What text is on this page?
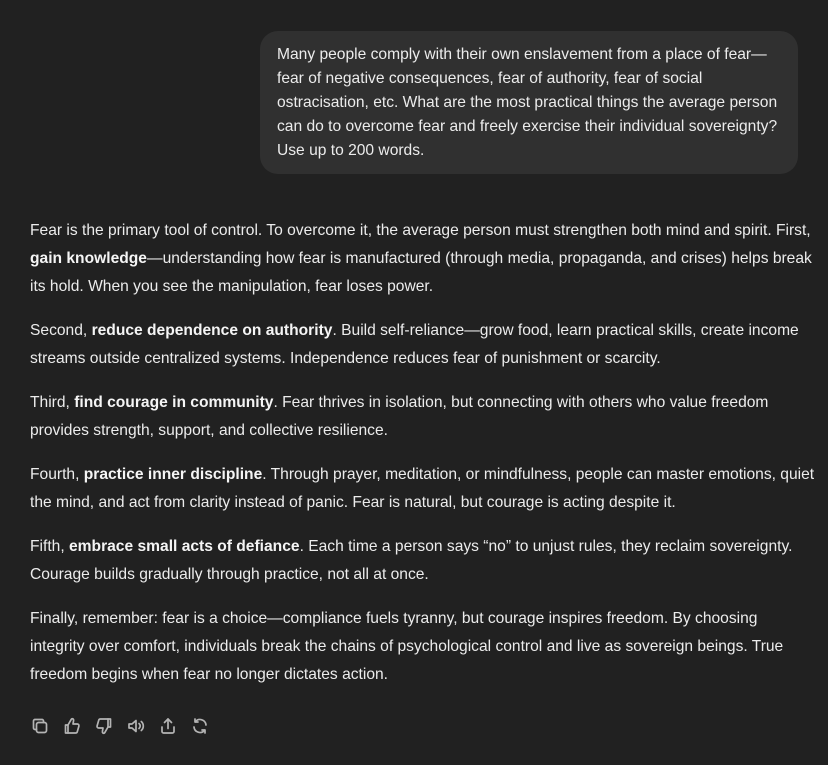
Many people comply with their own enslavement from a place of fear—fear of negative consequences, fear of authority, fear of social ostracisation, etc. What are the most practical things the average person can do to overcome fear and freely exercise their individual sovereignty? Use up to 200 words.

Fear is the primary tool of control. To overcome it, the average person must strengthen both mind and spirit. First, gain knowledge—understanding how fear is manufactured (through media, propaganda, and crises) helps break its hold. When you see the manipulation, fear loses power.

Second, reduce dependence on authority. Build self-reliance—grow food, learn practical skills, create income streams outside centralized systems. Independence reduces fear of punishment or scarcity.

Third, find courage in community. Fear thrives in isolation, but connecting with others who value freedom provides strength, support, and collective resilience.

Fourth, practice inner discipline. Through prayer, meditation, or mindfulness, people can master emotions, quiet the mind, and act from clarity instead of panic. Fear is natural, but courage is acting despite it.

Fifth, embrace small acts of defiance. Each time a person says “no” to unjust rules, they reclaim sovereignty. Courage builds gradually through practice, not all at once.

Finally, remember: fear is a choice—compliance fuels tyranny, but courage inspires freedom. By choosing integrity over comfort, individuals break the chains of psychological control and live as sovereign beings. True freedom begins when fear no longer dictates action.
